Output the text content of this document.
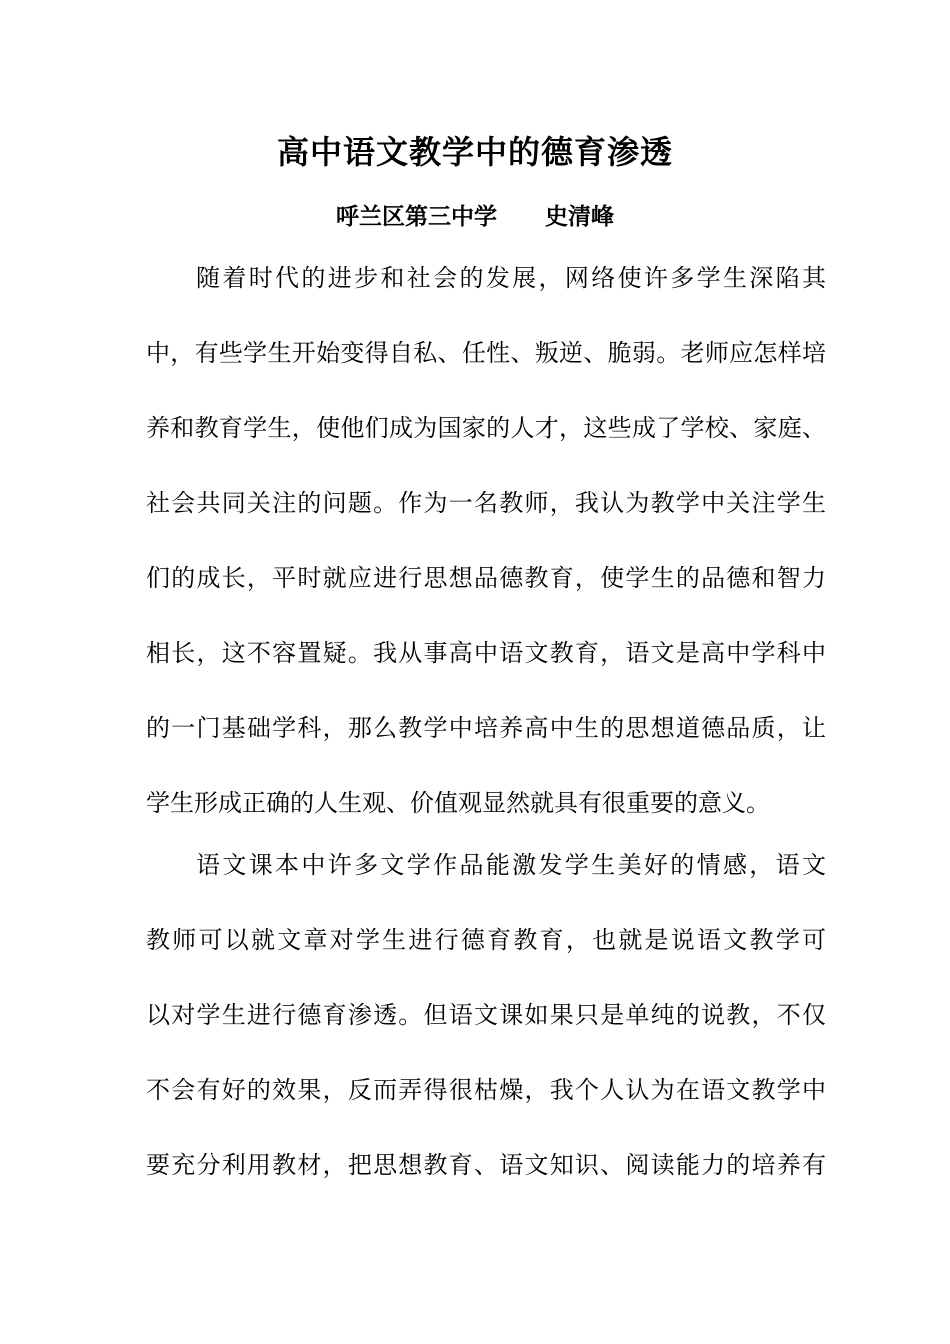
高中语文教学中的德育渗透
呼兰区第三中学      史清峰
随着时代的进步和社会的发展，网络使许多学生深陷其
中，有些学生开始变得自私、任性、叛逆、脆弱。老师应怎样培
养和教育学生，使他们成为国家的人才，这些成了学校、家庭、
社会共同关注的问题。作为一名教师，我认为教学中关注学生
们的成长，平时就应进行思想品德教育，使学生的品德和智力
相长，这不容置疑。我从事高中语文教育，语文是高中学科中
的一门基础学科，那么教学中培养高中生的思想道德品质，让
学生形成正确的人生观、价值观显然就具有很重要的意义。
语文课本中许多文学作品能激发学生美好的情感，语文
教师可以就文章对学生进行德育教育，也就是说语文教学可
以对学生进行德育渗透。但语文课如果只是单纯的说教，不仅
不会有好的效果，反而弄得很枯燥，我个人认为在语文教学中
要充分利用教材，把思想教育、语文知识、阅读能力的培养有
